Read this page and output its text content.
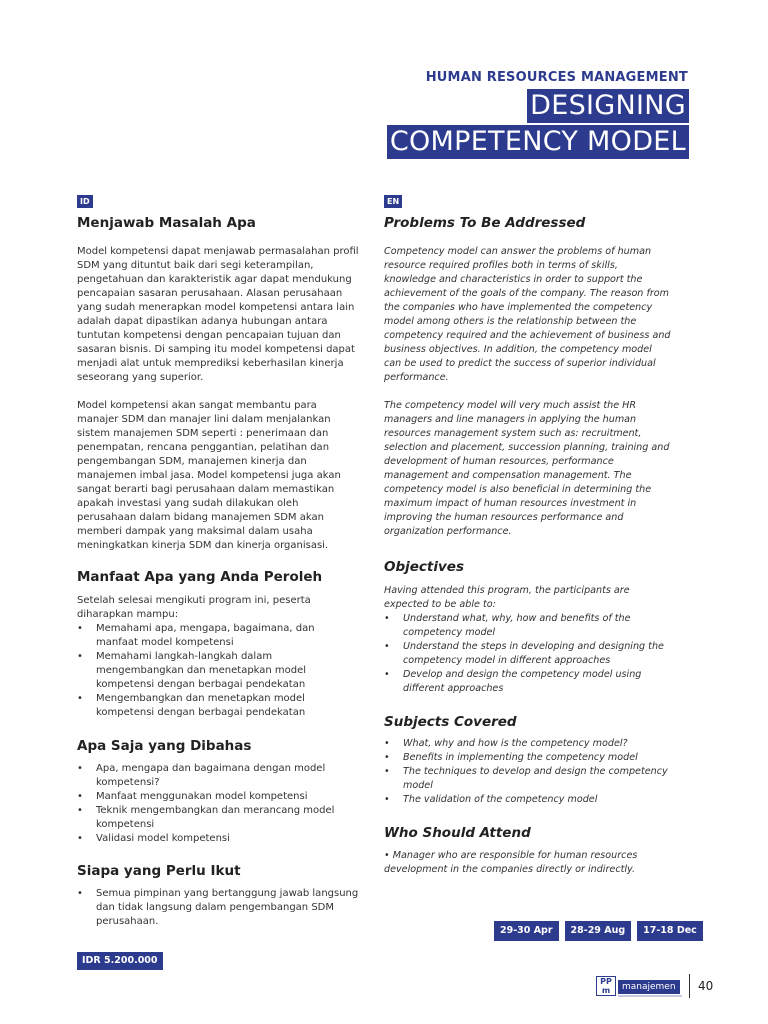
HUMAN RESOURCES MANAGEMENT
DESIGNING
COMPETENCY MODEL
ID	EN
Menjawab Masalah Apa

Model kompetensi dapat menjawab permasalahan profil SDM yang dituntut baik dari segi keterampilan, pengetahuan dan karakteristik agar dapat mendukung pencapaian sasaran perusahaan. Alasan perusahaan yang sudah menerapkan model kompetensi antara lain adalah dapat dipastikan adanya hubungan antara tuntutan kompetensi dengan pencapaian tujuan dan sasaran bisnis. Di samping itu model kompetensi dapat menjadi alat untuk memprediksi keberhasilan kinerja seseorang yang superior.

Model kompetensi akan sangat membantu para manajer SDM dan manajer lini dalam menjalankan sistem manajemen SDM seperti : penerimaan dan penempatan, rencana penggantian, pelatihan dan pengembangan SDM, manajemen kinerja dan manajemen imbal jasa. Model kompetensi juga akan sangat berarti bagi perusahaan dalam memastikan apakah investasi yang sudah dilakukan oleh perusahaan dalam bidang manajemen SDM akan memberi dampak yang maksimal dalam usaha meningkatkan kinerja SDM dan kinerja organisasi.

Manfaat Apa yang Anda Peroleh

Setelah selesai mengikuti program ini, peserta diharapkan mampu:

• Memahami apa, mengapa, bagaimana, dan manfaat model kompetensi
• Memahami langkah-langkah dalam mengembangkan dan menetapkan model kompetensi dengan berbagai pendekatan
• Mengembangkan dan menetapkan model kompetensi dengan berbagai pendekatan
Apa Saja yang Dibahas
• Apa, mengapa dan bagaimana dengan model kompetensi?
• Manfaat menggunakan model kompetensi
• Teknik mengembangkan dan merancang model kompetensi
• Validasi model kompetensi
Siapa yang Perlu Ikut
• Semua pimpinan yang bertanggung jawab langsung dan tidak langsung dalam pengembangan SDM perusahaan.
Problems To Be Addressed

Competency model can answer the problems of human resource required profiles both in terms of skills, knowledge and characteristics in order to support the achievement of the goals of the company. The reason from the companies who have implemented the competency model among others is the relationship between the competency required and the achievement of business and business objectives. In addition, the competency model can be used to predict the success of superior individual performance.

The competency model will very much assist the HR managers and line managers in applying the human resources management system such as: recruitment, selection and placement, succession planning, training and development of human resources, performance management and compensation management. The competency model is also beneficial in determining the maximum impact of human resources investment in improving the human resources performance and organization performance.

Objectives

Having attended this program, the participants are expected to be able to:

• Understand what, why, how and benefits of the competency model
• Understand the steps in developing and designing the competency model in different approaches
• Develop and design the competency model using different approaches
Subjects Covered
• What, why and how is the competency model?
• Benefits in implementing the competency model
• The techniques to develop and design the competency model
• The validation of the competency model
Who Should Attend

• Manager who are responsible for human resources development in the companies directly or indirectly.

IDR 5.200.000
29-30 Apr	28-29 Aug	17-18 Dec
PP m	manajemen	40
